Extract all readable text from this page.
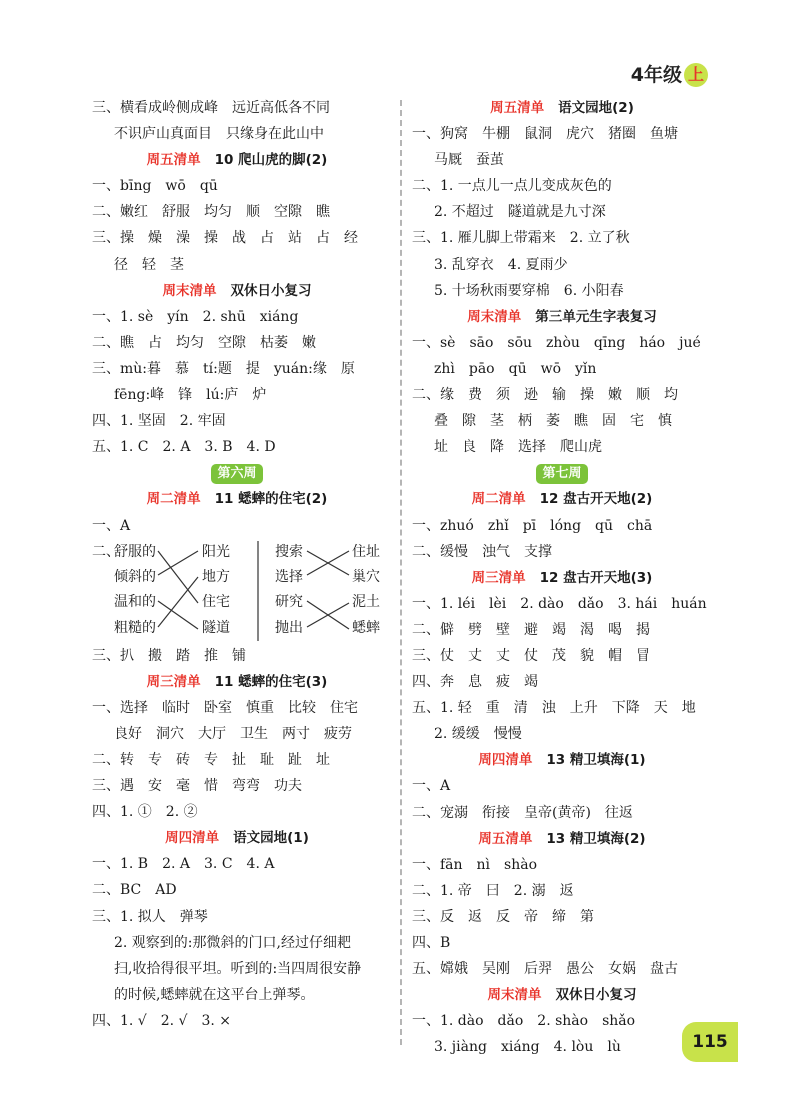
4年级 上
三、横看成岭侧成峰　远近高低各不同
不识庐山真面目　只缘身在此山中
周五清单 10 爬山虎的脚(2)
一、bīng　wō　qū
二、嫩红　舒服　均匀　顺　空隙　瞧
三、操　燥　澡　操　战　占　站　占　经
径　轻　茎
周末清单 双休日小复习
一、1. sè　yín　2. shū　xiáng
二、瞧　占　均匀　空隙　枯萎　嫩
三、mù:暮　慕　tí:题　提　yuán:缘　原
fēng:峰　锋　lú:庐　炉
四、1. 坚固　2. 牢固
五、1. C　2. A　3. B　4. D
第六周
周二清单 11 蟋蟀的住宅(2)
一、A
二、
舒服的
倾斜的
温和的
粗糙的
阳光
地方
住宅
隧道
搜索
选择
研究
抛出
住址
巢穴
泥土
蟋蟀
三、扒　搬　踏　推　铺
周三清单 11 蟋蟀的住宅(3)
一、选择　临时　卧室　慎重　比较　住宅
良好　洞穴　大厅　卫生　两寸　疲劳
二、转　专　砖　专　扯　耻　趾　址
三、遇　安　毫　惜　弯弯　功夫
四、1. ①　2. ②
周四清单 语文园地(1)
一、1. B　2. A　3. C　4. A
二、BC　AD
三、1. 拟人　弹琴
2. 观察到的:那微斜的门口,经过仔细耙
扫,收拾得很平坦。听到的:当四周很安静
的时候,蟋蟀就在这平台上弹琴。
四、1. √　2. √　3. ×
周五清单 语文园地(2)
一、狗窝　牛棚　鼠洞　虎穴　猪圈　鱼塘
马厩　蚕茧
二、1. 一点儿一点儿变成灰色的
2. 不超过　隧道就是九寸深
三、1. 雁儿脚上带霜来　2. 立了秋
3. 乱穿衣　4. 夏雨少
5. 十场秋雨要穿棉　6. 小阳春
周末清单 第三单元生字表复习
一、sè　sāo　sōu　zhòu　qīng　háo　jué
zhì　pāo　qū　wō　yǐn
二、缘　费　须　逊　输　操　嫩　顺　均
叠　隙　茎　柄　萎　瞧　固　宅　慎
址　良　降　选择　爬山虎
第七周
周二清单 12 盘古开天地(2)
一、zhuó　zhǐ　pī　lóng　qū　chā
二、缓慢　浊气　支撑
周三清单 12 盘古开天地(3)
一、1. léi　lèi　2. dào　dǎo　3. hái　huán
二、僻　劈　壁　避　竭　渴　喝　揭
三、仗　丈　丈　仗　茂　貌　帽　冒
四、奔　息　疲　竭
五、1. 轻　重　清　浊　上升　下降　天　地
2. 缓缓　慢慢
周四清单 13 精卫填海(1)
一、A
二、宠溺　衔接　皇帝(黄帝)　往返
周五清单 13 精卫填海(2)
一、fān　nì　shào
二、1. 帝　曰　2. 溺　返
三、反　返　反　帝　缔　第
四、B
五、嫦娥　吴刚　后羿　愚公　女娲　盘古
周末清单 双休日小复习
一、1. dào　dǎo　2. shào　shǎo
3. jiàng　xiáng　4. lòu　lù	115
